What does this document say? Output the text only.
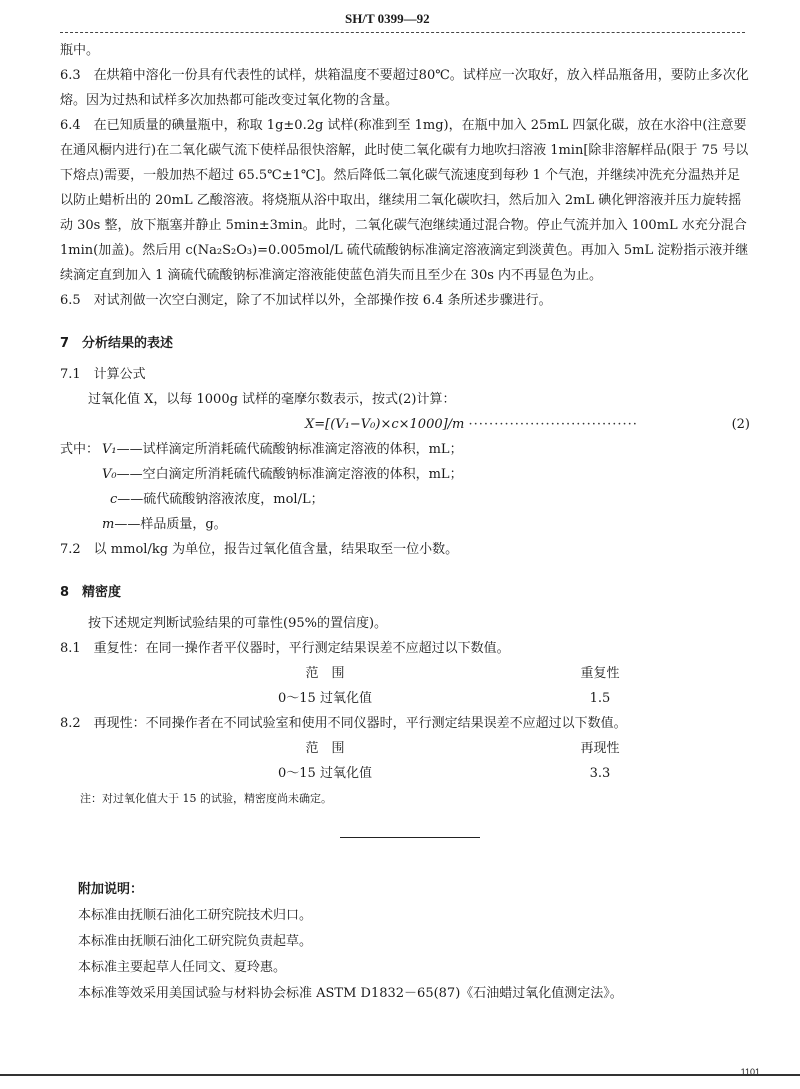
SH/T 0399—92

瓶中。

6.3　在烘箱中溶化一份具有代表性的试样，烘箱温度不要超过80℃。试样应一次取好，放入样品瓶备用，要防止多次化熔。因为过热和试样多次加热都可能改变过氧化物的含量。

6.4　在已知质量的碘量瓶中，称取 1g±0.2g 试样(称准到至 1mg)，在瓶中加入 25mL 四氯化碳，放在水浴中(注意要在通风橱内进行)在二氧化碳气流下使样品很快溶解，此时使二氧化碳有力地吹扫溶液 1min[除非溶解样品(限于 75 号以下熔点)需要，一般加热不超过 65.5℃±1℃]。然后降低二氧化碳气流速度到每秒 1 个气泡，并继续冲洗充分温热并足以防止蜡析出的 20mL 乙酸溶液。将烧瓶从浴中取出，继续用二氧化碳吹扫，然后加入 2mL 碘化钾溶液并压力旋转摇动 30s 整，放下瓶塞并静止 5min±3min。此时，二氧化碳气泡继续通过混合物。停止气流并加入 100mL 水充分混合 1min(加盖)。然后用 c(Na₂S₂O₃)=0.005mol/L 硫代硫酸钠标准滴定溶液滴定到淡黄色。再加入 5mL 淀粉指示液并继续滴定直到加入 1 滴硫代硫酸钠标准滴定溶液能使蓝色消失而且至少在 30s 内不再显色为止。

6.5　对试剂做一次空白测定，除了不加试样以外，全部操作按 6.4 条所述步骤进行。

7　分析结果的表述

7.1　计算公式

过氧化值 X，以每 1000g 试样的毫摩尔数表示，按式(2)计算：

X=[(V₁−V₀)×c×1000]/m ·································	(2)
式中： V₁ ——试样滴定所消耗硫代硫酸钠标准滴定溶液的体积，mL；
V₀ ——空白滴定所消耗硫代硫酸钠标准滴定溶液的体积，mL；
c ——硫代硫酸钠溶液浓度，mol/L；
m ——样品质量，g。

7.2　以 mmol/kg 为单位，报告过氧化值含量，结果取至一位小数。

8　精密度

按下述规定判断试验结果的可靠性(95%的置信度)。

8.1　重复性：在同一操作者平仪器时，平行测定结果误差不应超过以下数值。

范　围	重复性
0～15 过氧化值	1.5

8.2　再现性：不同操作者在不同试验室和使用不同仪器时，平行测定结果误差不应超过以下数值。

范　围	再现性
0～15 过氧化值	3.3

注：对过氧化值大于 15 的试验，精密度尚未确定。

附加说明：

本标准由抚顺石油化工研究院技术归口。

本标准由抚顺石油化工研究院负责起草。

本标准主要起草人任同文、夏玲惠。

本标准等效采用美国试验与材料协会标准 ASTM D1832－65(87)《石油蜡过氧化值测定法》。

1101
